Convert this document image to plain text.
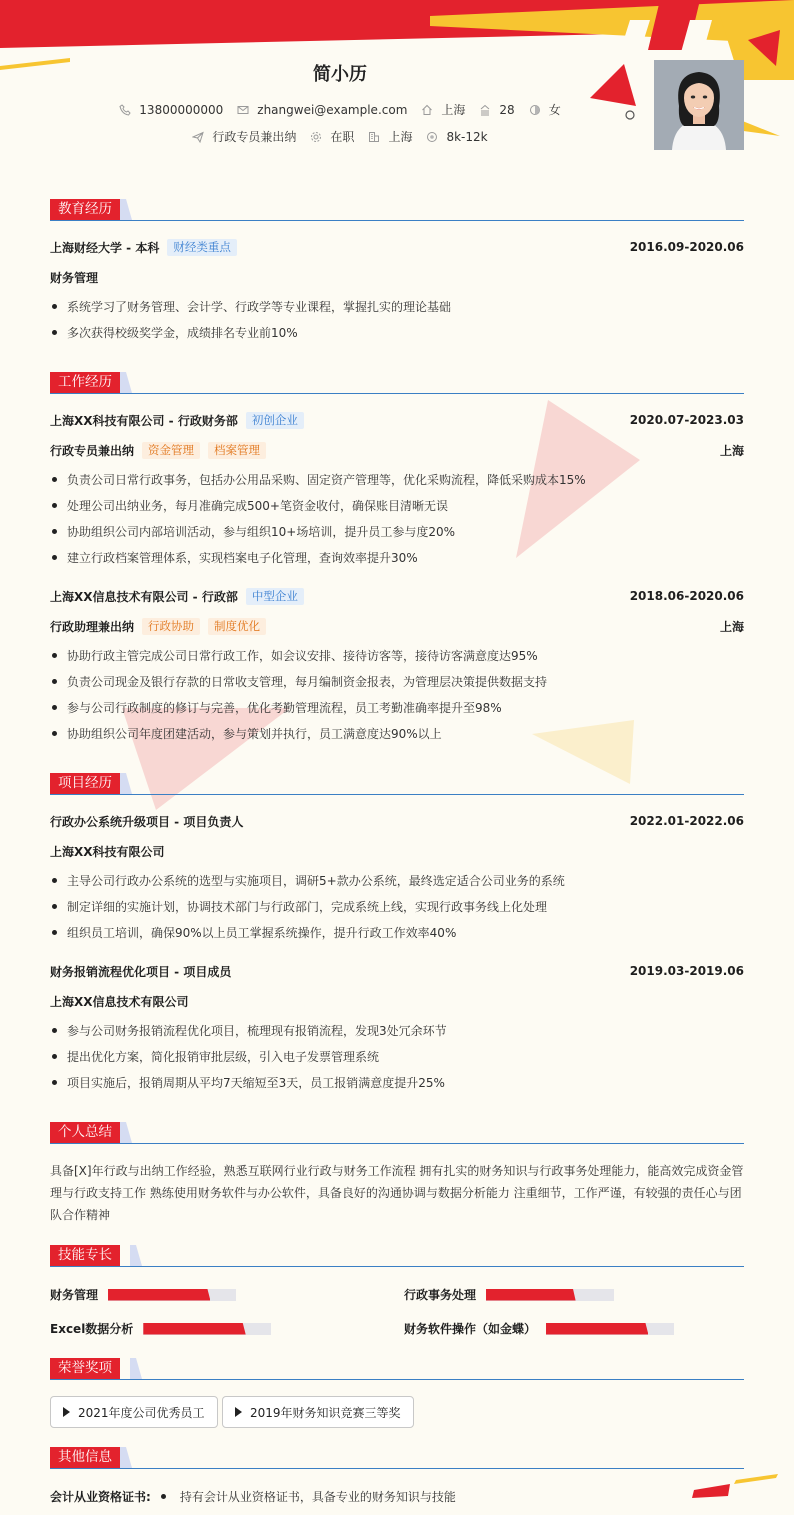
简小历
13800000000	zhangwei@example.com	上海	28	女
行政专员兼出纳	在职	上海	8k-12k
教育经历
上海财经大学 - 本科	财经类重点	2016.09-2020.06
财务管理
系统学习了财务管理、会计学、行政学等专业课程，掌握扎实的理论基础
多次获得校级奖学金，成绩排名专业前10%
工作经历
上海XX科技有限公司 - 行政财务部	初创企业	2020.07-2023.03
行政专员兼出纳	资金管理	档案管理	上海
负责公司日常行政事务，包括办公用品采购、固定资产管理等，优化采购流程，降低采购成本15%
处理公司出纳业务，每月准确完成500+笔资金收付，确保账目清晰无误
协助组织公司内部培训活动，参与组织10+场培训，提升员工参与度20%
建立行政档案管理体系，实现档案电子化管理，查询效率提升30%
上海XX信息技术有限公司 - 行政部	中型企业	2018.06-2020.06
行政助理兼出纳	行政协助	制度优化	上海
协助行政主管完成公司日常行政工作，如会议安排、接待访客等，接待访客满意度达95%
负责公司现金及银行存款的日常收支管理，每月编制资金报表，为管理层决策提供数据支持
参与公司行政制度的修订与完善，优化考勤管理流程，员工考勤准确率提升至98%
协助组织公司年度团建活动，参与策划并执行，员工满意度达90%以上
项目经历
行政办公系统升级项目 - 项目负责人	2022.01-2022.06
上海XX科技有限公司
主导公司行政办公系统的选型与实施项目，调研5+款办公系统，最终选定适合公司业务的系统
制定详细的实施计划，协调技术部门与行政部门，完成系统上线，实现行政事务线上化处理
组织员工培训，确保90%以上员工掌握系统操作，提升行政工作效率40%
财务报销流程优化项目 - 项目成员	2019.03-2019.06
上海XX信息技术有限公司
参与公司财务报销流程优化项目，梳理现有报销流程，发现3处冗余环节
提出优化方案，简化报销审批层级，引入电子发票管理系统
项目实施后，报销周期从平均7天缩短至3天，员工报销满意度提升25%
个人总结
具备[X]年行政与出纳工作经验，熟悉互联网行业行政与财务工作流程 拥有扎实的财务知识与行政事务处理能力，能高效完成资金管
理与行政支持工作 熟练使用财务软件与办公软件，具备良好的沟通协调与数据分析能力 注重细节，工作严谨，有较强的责任心与团
队合作精神
技能专长
财务管理	行政事务处理
Excel数据分析	财务软件操作（如金蝶）
荣誉奖项
2021年度公司优秀员工	2019年财务知识竞赛三等奖
其他信息
会计从业资格证书: 持有会计从业资格证书，具备专业的财务知识与技能
